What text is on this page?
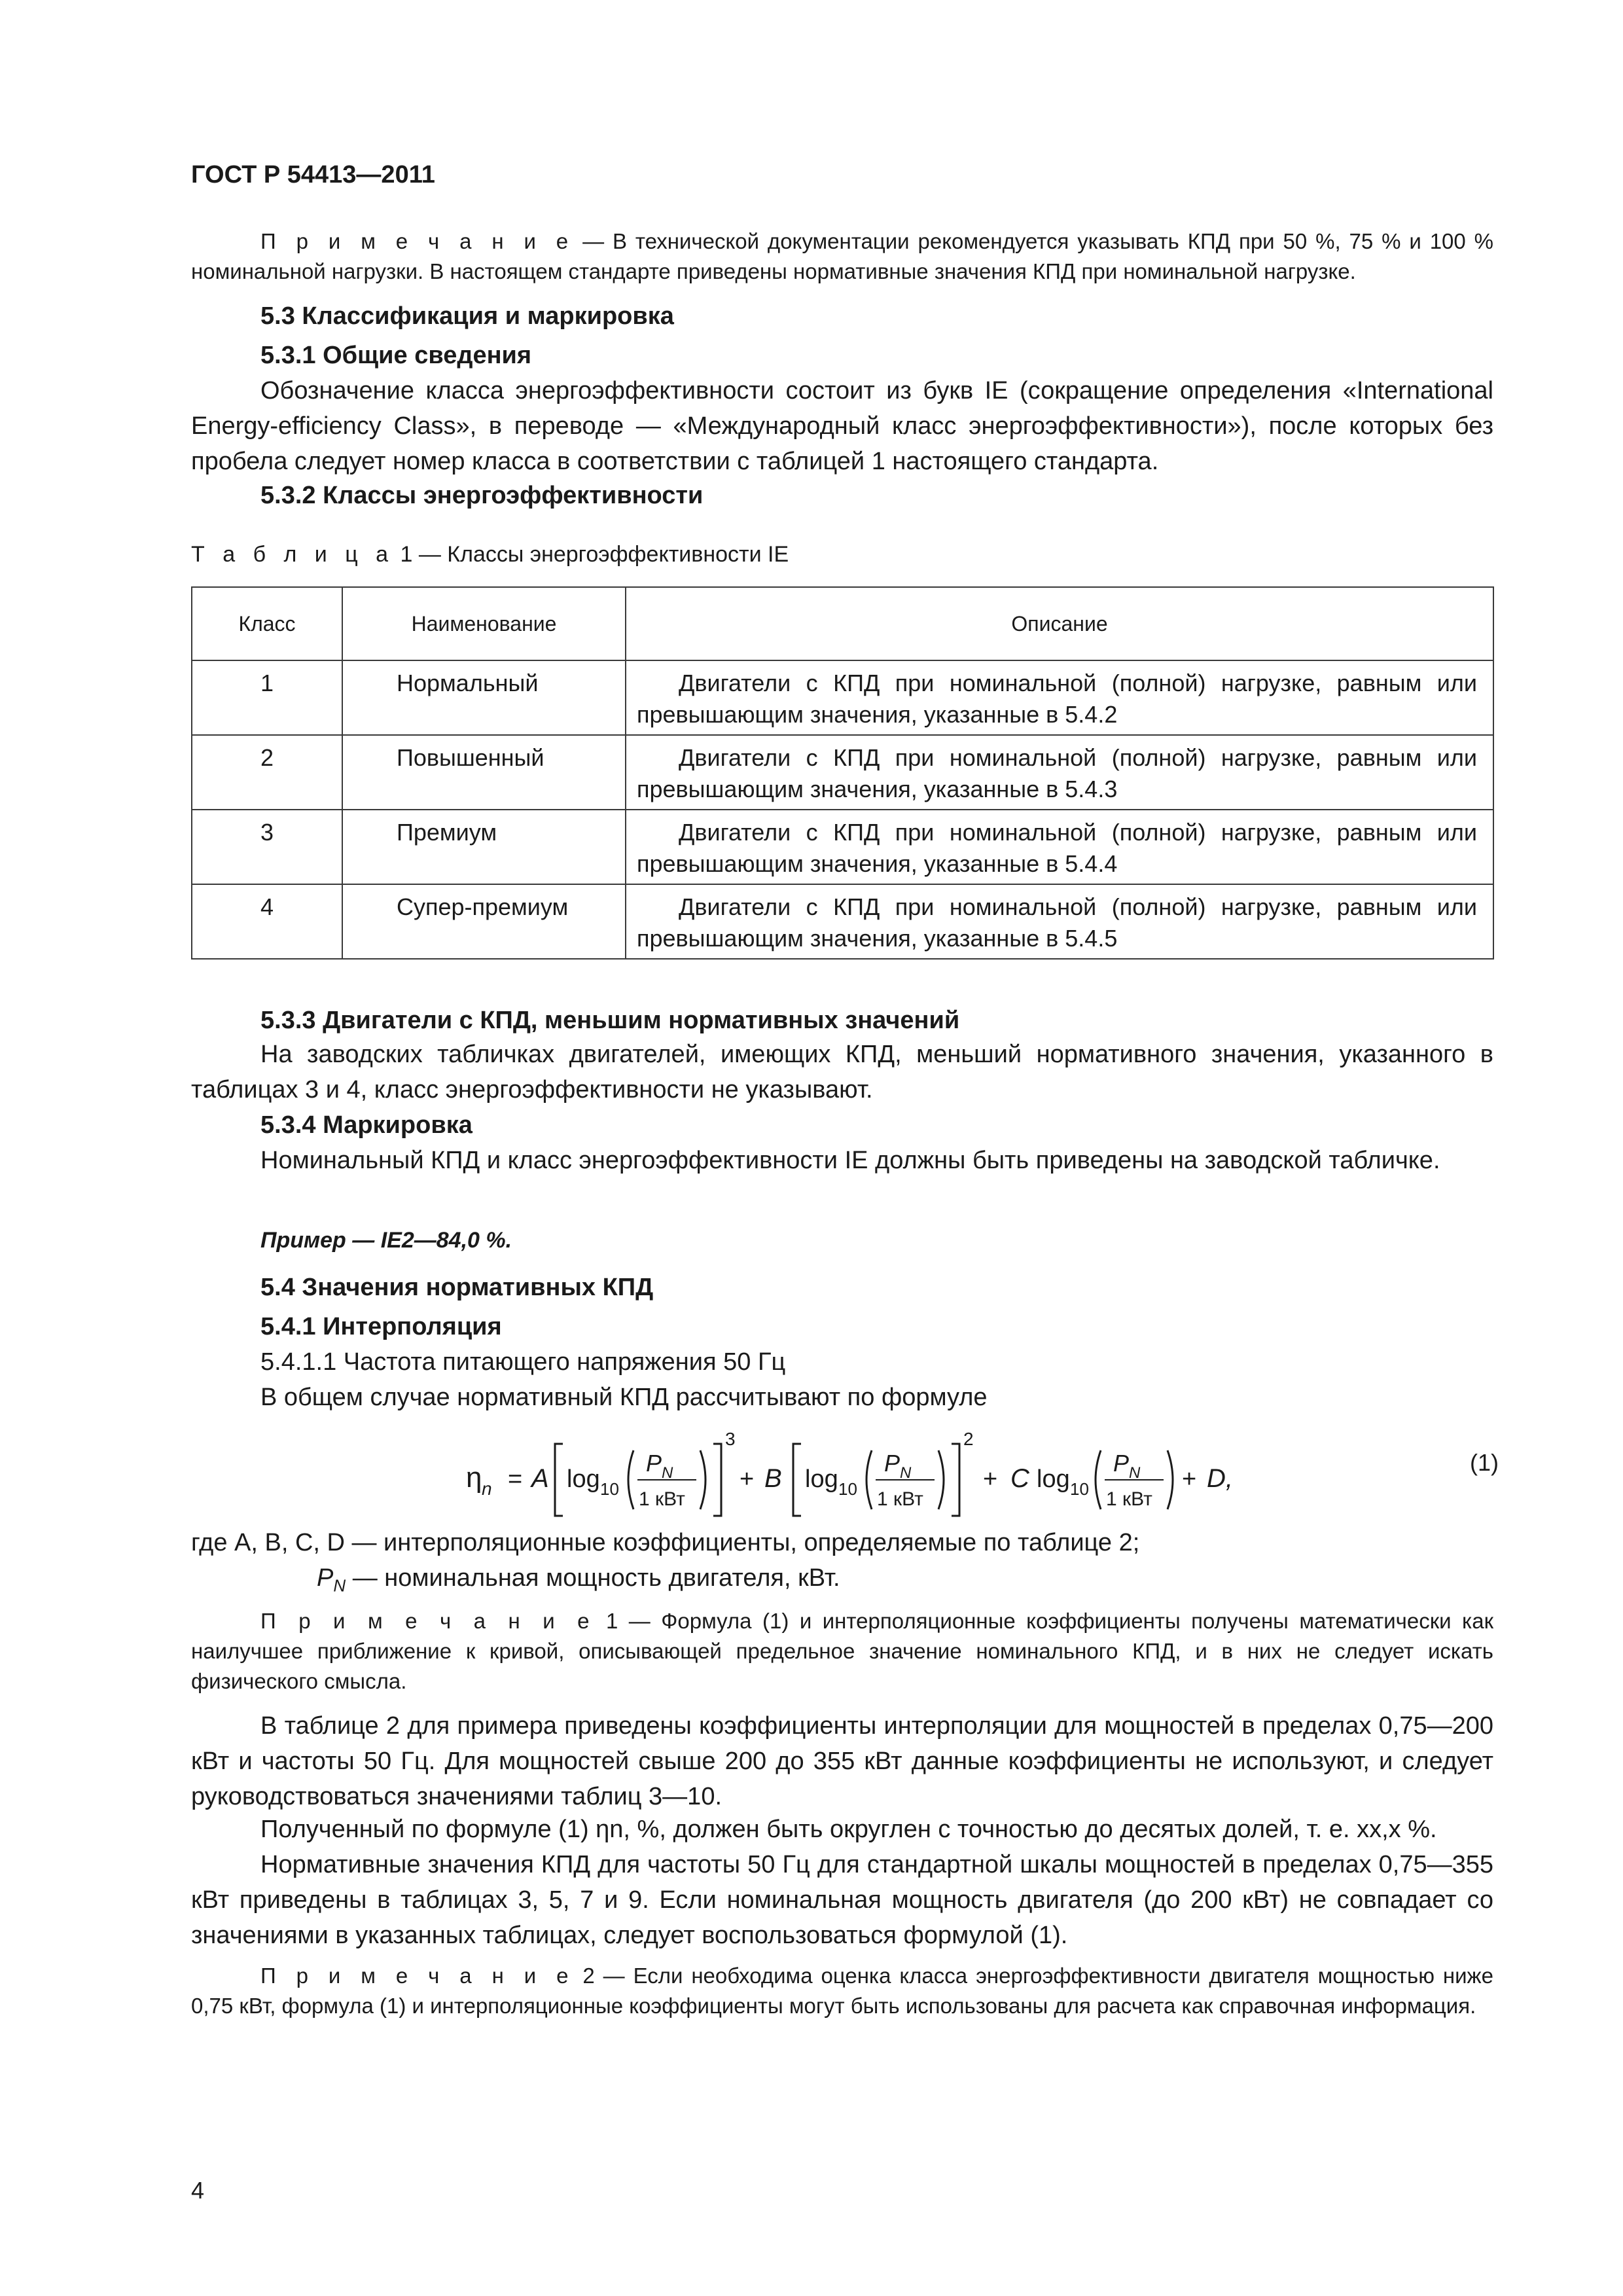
ГОСТ Р 54413—2011
П р и м е ч а н и е — В технической документации рекомендуется указывать КПД при 50 %, 75 % и 100 % номинальной нагрузки. В настоящем стандарте приведены нормативные значения КПД при номинальной нагрузке.
5.3 Классификация и маркировка
5.3.1 Общие сведения
Обозначение класса энергоэффективности состоит из букв IE (сокращение определения «International Energy-efficiency Class», в переводе — «Международный класс энергоэффективности»), после которых без пробела следует номер класса в соответствии с таблицей 1 настоящего стандарта.
5.3.2 Классы энергоэффективности
Т а б л и ц а 1 — Классы энергоэффективности IE
Класс	Наименование	Описание
1	Нормальный	Двигатели с КПД при номинальной (полной) нагрузке, равным или превышающим значения, указанные в 5.4.2
2	Повышенный	Двигатели с КПД при номинальной (полной) нагрузке, равным или превышающим значения, указанные в 5.4.3
3	Премиум	Двигатели с КПД при номинальной (полной) нагрузке, равным или превышающим значения, указанные в 5.4.4
4	Супер-премиум	Двигатели с КПД при номинальной (полной) нагрузке, равным или превышающим значения, указанные в 5.4.5
5.3.3 Двигатели с КПД, меньшим нормативных значений
На заводских табличках двигателей, имеющих КПД, меньший нормативного значения, указанного в таблицах 3 и 4, класс энергоэффективности не указывают.
5.3.4 Маркировка
Номинальный КПД и класс энергоэффективности IE должны быть приведены на заводской табличке.
Пример — IE2—84,0 %.
5.4 Значения нормативных КПД
5.4.1 Интерполяция
5.4.1.1 Частота питающего напряжения 50 Гц
В общем случае нормативный КПД рассчитывают по формуле
η n = A log 10
P N
1 кВт
3
+ B log 10
P N
1 кВт
2
+ C log 10
P N
1 кВт
+ D,
(1)
где A, B, C, D — интерполяционные коэффициенты, определяемые по таблице 2;
$P_N$ — номинальная мощность двигателя, кВт.
П р и м е ч а н и е 1 — Формула (1) и интерполяционные коэффициенты получены математически как наилучшее приближение к кривой, описывающей предельное значение номинального КПД, и в них не следует искать физического смысла.
В таблице 2 для примера приведены коэффициенты интерполяции для мощностей в пределах 0,75—200 кВт и частоты 50 Гц. Для мощностей свыше 200 до 355 кВт данные коэффициенты не используют, и следует руководствоваться значениями таблиц 3—10.
Полученный по формуле (1) ηn, %, должен быть округлен с точностью до десятых долей, т. е. xx,x %.
Нормативные значения КПД для частоты 50 Гц для стандартной шкалы мощностей в пределах 0,75—355 кВт приведены в таблицах 3, 5, 7 и 9. Если номинальная мощность двигателя (до 200 кВт) не совпадает со значениями в указанных таблицах, следует воспользоваться формулой (1).
П р и м е ч а н и е 2 — Если необходима оценка класса энергоэффективности двигателя мощностью ниже 0,75 кВт, формула (1) и интерполяционные коэффициенты могут быть использованы для расчета как справочная информация.
4
